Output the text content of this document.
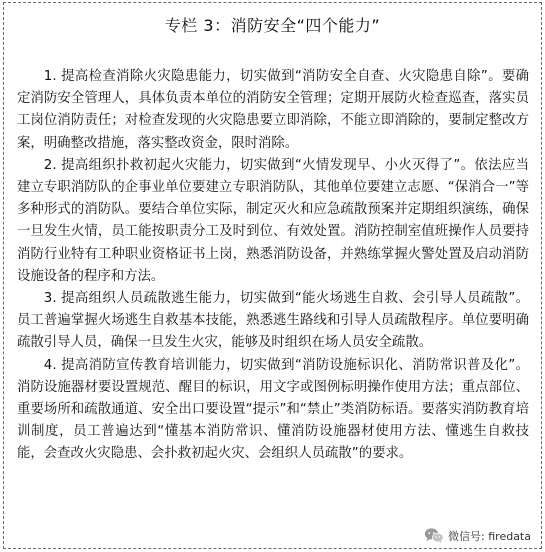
专栏 3：消防安全“四个能力”

1. 提高检查消除火灾隐患能力，切实做到“消防安全自查、火灾隐患自除”。要确定消防安全管理人，具体负责本单位的消防安全管理；定期开展防火检查巡查，落实员工岗位消防责任；对检查发现的火灾隐患要立即消除，不能立即消除的，要制定整改方案，明确整改措施，落实整改资金，限时消除。

2. 提高组织扑救初起火灾能力，切实做到“火情发现早、小火灭得了”。依法应当建立专职消防队的企事业单位要建立专职消防队，其他单位要建立志愿、“保消合一”等多种形式的消防队。要结合单位实际，制定灭火和应急疏散预案并定期组织演练，确保一旦发生火情，员工能按职责分工及时到位、有效处置。消防控制室值班操作人员要持消防行业特有工种职业资格证书上岗，熟悉消防设备，并熟练掌握火警处置及启动消防设施设备的程序和方法。

3. 提高组织人员疏散逃生能力，切实做到“能火场逃生自救、会引导人员疏散”。员工普遍掌握火场逃生自救基本技能，熟悉逃生路线和引导人员疏散程序。单位要明确疏散引导人员，确保一旦发生火灾，能够及时组织在场人员安全疏散。

4. 提高消防宣传教育培训能力，切实做到“消防设施标识化、消防常识普及化”。消防设施器材要设置规范、醒目的标识，用文字或图例标明操作使用方法；重点部位、重要场所和疏散通道、安全出口要设置“提示”和“禁止”类消防标语。要落实消防教育培训制度，员工普遍达到“懂基本消防常识、懂消防设施器材使用方法、懂逃生自救技能，会查改火灾隐患、会扑救初起火灾、会组织人员疏散”的要求。

微信号: firedata
